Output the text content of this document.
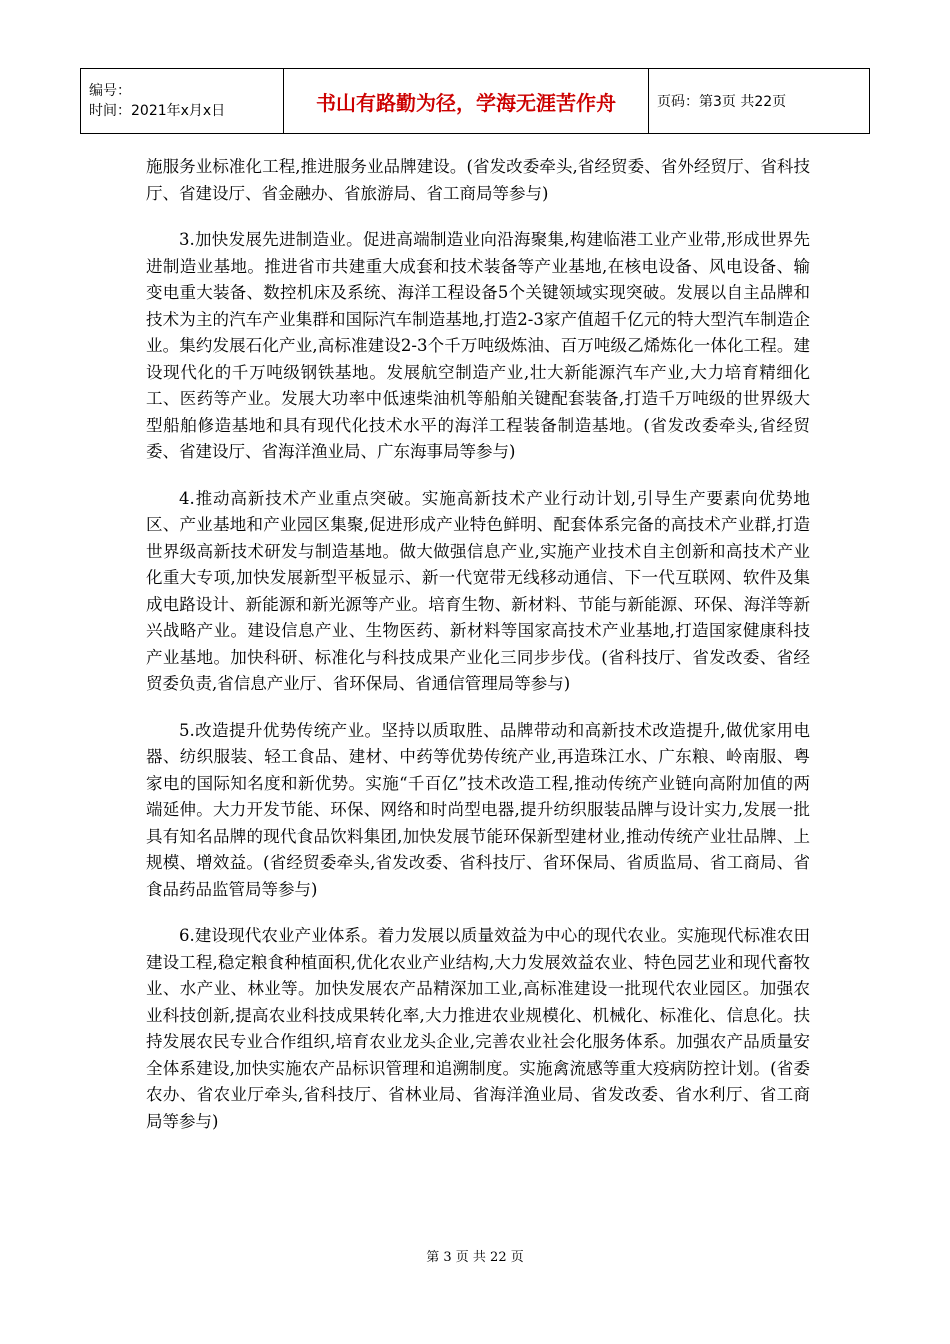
编号：
时间：2021年x月x日	书山有路勤为径，学海无涯苦作舟	页码：第3页 共22页

施服务业标准化工程,推进服务业品牌建设。(省发改委牵头,省经贸委、省外经贸厅、省科技厅、省建设厅、省金融办、省旅游局、省工商局等参与)

3.加快发展先进制造业。促进高端制造业向沿海聚集,构建临港工业产业带,形成世界先进制造业基地。推进省市共建重大成套和技术装备等产业基地,在核电设备、风电设备、输变电重大装备、数控机床及系统、海洋工程设备5个关键领域实现突破。发展以自主品牌和技术为主的汽车产业集群和国际汽车制造基地,打造2-3家产值超千亿元的特大型汽车制造企业。集约发展石化产业,高标准建设2-3个千万吨级炼油、百万吨级乙烯炼化一体化工程。建设现代化的千万吨级钢铁基地。发展航空制造产业,壮大新能源汽车产业,大力培育精细化工、医药等产业。发展大功率中低速柴油机等船舶关键配套装备,打造千万吨级的世界级大型船舶修造基地和具有现代化技术水平的海洋工程装备制造基地。(省发改委牵头,省经贸委、省建设厅、省海洋渔业局、广东海事局等参与)

4.推动高新技术产业重点突破。实施高新技术产业行动计划,引导生产要素向优势地区、产业基地和产业园区集聚,促进形成产业特色鲜明、配套体系完备的高技术产业群,打造世界级高新技术研发与制造基地。做大做强信息产业,实施产业技术自主创新和高技术产业化重大专项,加快发展新型平板显示、新一代宽带无线移动通信、下一代互联网、软件及集成电路设计、新能源和新光源等产业。培育生物、新材料、节能与新能源、环保、海洋等新兴战略产业。建设信息产业、生物医药、新材料等国家高技术产业基地,打造国家健康科技产业基地。加快科研、标准化与科技成果产业化三同步步伐。(省科技厅、省发改委、省经贸委负责,省信息产业厅、省环保局、省通信管理局等参与)

5.改造提升优势传统产业。坚持以质取胜、品牌带动和高新技术改造提升,做优家用电器、纺织服装、轻工食品、建材、中药等优势传统产业,再造珠江水、广东粮、岭南服、粤家电的国际知名度和新优势。实施“千百亿”技术改造工程,推动传统产业链向高附加值的两端延伸。大力开发节能、环保、网络和时尚型电器,提升纺织服装品牌与设计实力,发展一批具有知名品牌的现代食品饮料集团,加快发展节能环保新型建材业,推动传统产业壮品牌、上规模、增效益。(省经贸委牵头,省发改委、省科技厅、省环保局、省质监局、省工商局、省食品药品监管局等参与)

6.建设现代农业产业体系。着力发展以质量效益为中心的现代农业。实施现代标准农田建设工程,稳定粮食种植面积,优化农业产业结构,大力发展效益农业、特色园艺业和现代畜牧业、水产业、林业等。加快发展农产品精深加工业,高标准建设一批现代农业园区。加强农业科技创新,提高农业科技成果转化率,大力推进农业规模化、机械化、标准化、信息化。扶持发展农民专业合作组织,培育农业龙头企业,完善农业社会化服务体系。加强农产品质量安全体系建设,加快实施农产品标识管理和追溯制度。实施禽流感等重大疫病防控计划。(省委农办、省农业厅牵头,省科技厅、省林业局、省海洋渔业局、省发改委、省水利厅、省工商局等参与)

第 3 页 共 22 页
